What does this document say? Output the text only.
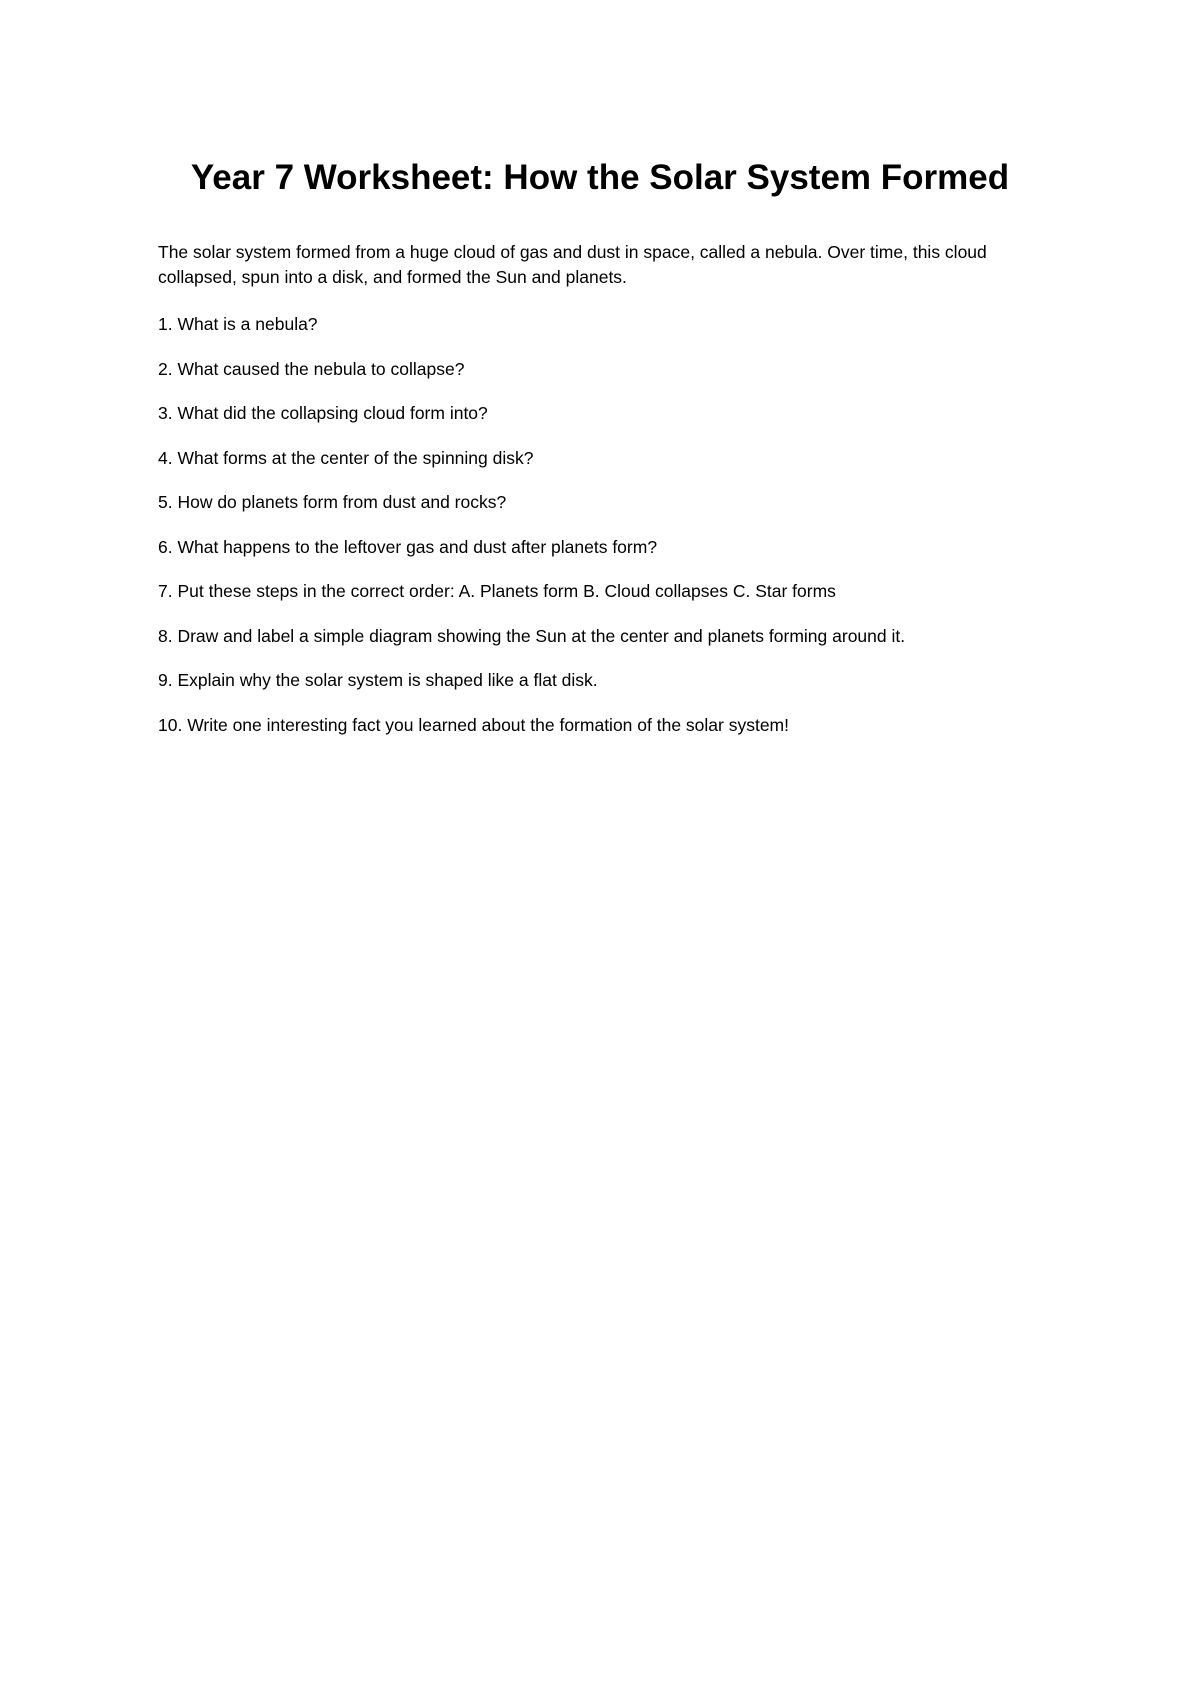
Year 7 Worksheet: How the Solar System Formed

The solar system formed from a huge cloud of gas and dust in space, called a nebula. Over time, this cloud collapsed, spun into a disk, and formed the Sun and planets.

1. What is a nebula?
2. What caused the nebula to collapse?
3. What did the collapsing cloud form into?
4. What forms at the center of the spinning disk?
5. How do planets form from dust and rocks?
6. What happens to the leftover gas and dust after planets form?
7. Put these steps in the correct order: A. Planets form B. Cloud collapses C. Star forms
8. Draw and label a simple diagram showing the Sun at the center and planets forming around it.
9. Explain why the solar system is shaped like a flat disk.
10. Write one interesting fact you learned about the formation of the solar system!
